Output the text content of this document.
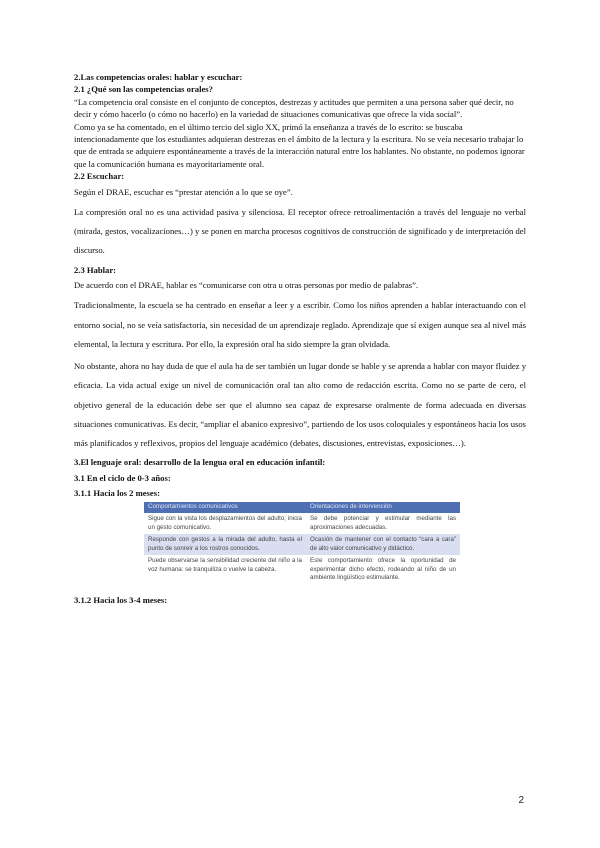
2.Las competencias orales: hablar y escuchar:

2.1 ¿Qué son las competencias orales?

“La competencia oral consiste en el conjunto de conceptos, destrezas y actitudes que permiten a una persona saber qué decir, no decir y cómo hacerlo (o cómo no hacerlo) en la variedad de situaciones comunicativas que ofrece la vida social”.

Como ya se ha comentado, en el último tercio del siglo XX, primó la enseñanza a través de lo escrito: se buscaba intencionadamente que los estudiantes adquieran destrezas en el ámbito de la lectura y la escritura. No se veía necesario trabajar lo que de entrada se adquiere espontáneamente a través de la interacción natural entre los hablantes. No obstante, no podemos ignorar que la comunicación humana es mayoritariamente oral.

2.2 Escuchar:

Según el DRAE, escuchar es “prestar atención a lo que se oye”.

La compresión oral no es una actividad pasiva y silenciosa. El receptor ofrece retroalimentación a través del lenguaje no verbal (mirada, gestos, vocalizaciones…) y se ponen en marcha procesos cognitivos de construcción de significado y de interpretación del discurso.

2.3 Hablar:

De acuerdo con el DRAE, hablar es “comunicarse con otra u otras personas por medio de palabras”.

Tradicionalmente, la escuela se ha centrado en enseñar a leer y a escribir. Como los niños aprenden a hablar interactuando con el entorno social, no se veía satisfactoria, sin necesidad de un aprendizaje reglado. Aprendizaje que sí exigen aunque sea al nivel más elemental, la lectura y escritura. Por ello, la expresión oral ha sido siempre la gran olvidada.

No obstante, ahora no hay duda de que el aula ha de ser también un lugar donde se hable y se aprenda a hablar con mayor fluidez y eficacia. La vida actual exige un nivel de comunicación oral tan alto como de redacción escrita. Como no se parte de cero, el objetivo general de la educación debe ser que el alumno sea capaz de expresarse oralmente de forma adecuada en diversas situaciones comunicativas. Es decir, “ampliar el abanico expresivo”, partiendo de los usos coloquiales y espontáneos hacia los usos más planificados y reflexivos, propios del lenguaje académico (debates, discusiones, entrevistas, exposiciones…).

3.El lenguaje oral: desarrollo de la lengua oral en educación infantil:

3.1 En el ciclo de 0-3 años:

3.1.1 Hacia los 2 meses:

Comportamientos comunicativos	Orientaciones de intervención
Sigue con la vista los desplazamientos del adulto; inicia un gesto comunicativo.	Se debe potenciar y estimular mediante las aproximaciones adecuadas.
Responde con gestos a la mirada del adulto, hasta el punto de sonreír a los rostros conocidos.	Ocasión de mantener con el contacto “cara a cara” de alto valor comunicativo y didáctico.
Puede observarse la sensibilidad creciente del niño a la voz humana: se tranquiliza o vuelve la cabeza.	Este comportamiento ofrece la oportunidad de experimentar dicho efecto, rodeando al niño de un ambiente lingüístico estimulante.

3.1.2 Hacia los 3-4 meses:

2
